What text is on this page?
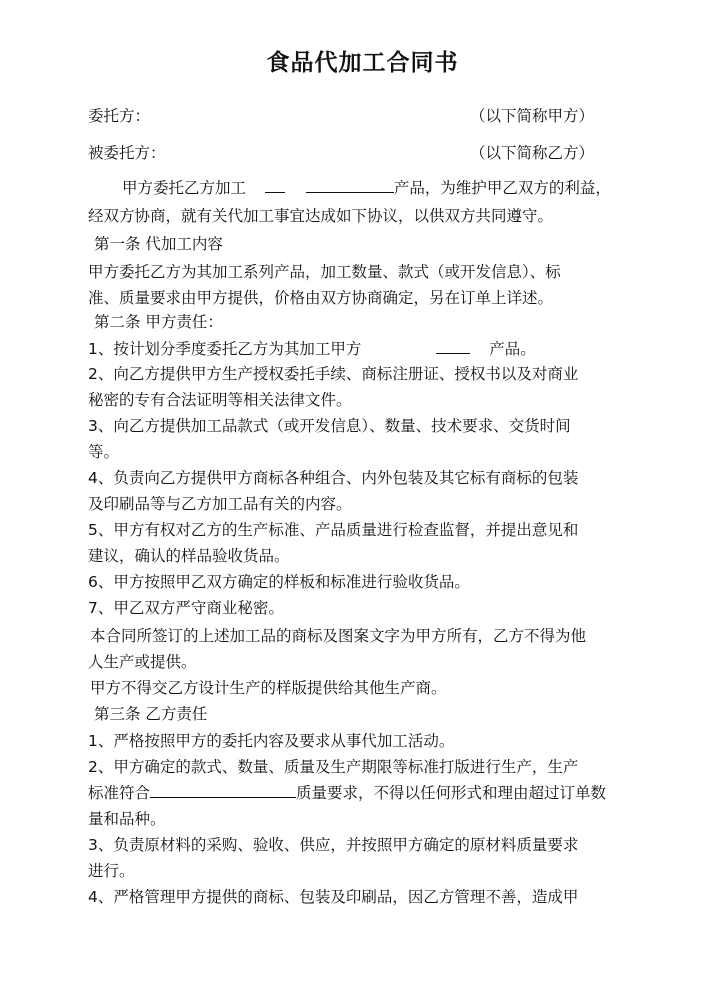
食品代加工合同书
委托方：	（以下简称甲方）
被委托方：	（以下简称乙方）
甲方委托乙方加工	产品，为维护甲乙双方的利益，
经双方协商，就有关代加工事宜达成如下协议，以供双方共同遵守。
第一条 代加工内容
甲方委托乙方为其加工系列产品，加工数量、款式（或开发信息）、标
准、质量要求由甲方提供，价格由双方协商确定，另在订单上详述。
第二条 甲方责任：
1、按计划分季度委托乙方为其加工甲方	产品。
2、向乙方提供甲方生产授权委托手续、商标注册证、授权书以及对商业
秘密的专有合法证明等相关法律文件。
3、向乙方提供加工品款式（或开发信息）、数量、技术要求、交货时间
等。
4、负责向乙方提供甲方商标各种组合、内外包装及其它标有商标的包装
及印刷品等与乙方加工品有关的内容。
5、甲方有权对乙方的生产标准、产品质量进行检查监督，并提出意见和
建议，确认的样品验收货品。
6、甲方按照甲乙双方确定的样板和标准进行验收货品。
7、甲乙双方严守商业秘密。
本合同所签订的上述加工品的商标及图案文字为甲方所有，乙方不得为他
人生产或提供。
甲方不得交乙方设计生产的样版提供给其他生产商。
第三条 乙方责任
1、严格按照甲方的委托内容及要求从事代加工活动。
2、甲方确定的款式、数量、质量及生产期限等标准打版进行生产，生产
标准符合	质量要求，不得以任何形式和理由超过订单数
量和品种。
3、负责原材料的采购、验收、供应，并按照甲方确定的原材料质量要求
进行。
4、严格管理甲方提供的商标、包装及印刷品，因乙方管理不善，造成甲
